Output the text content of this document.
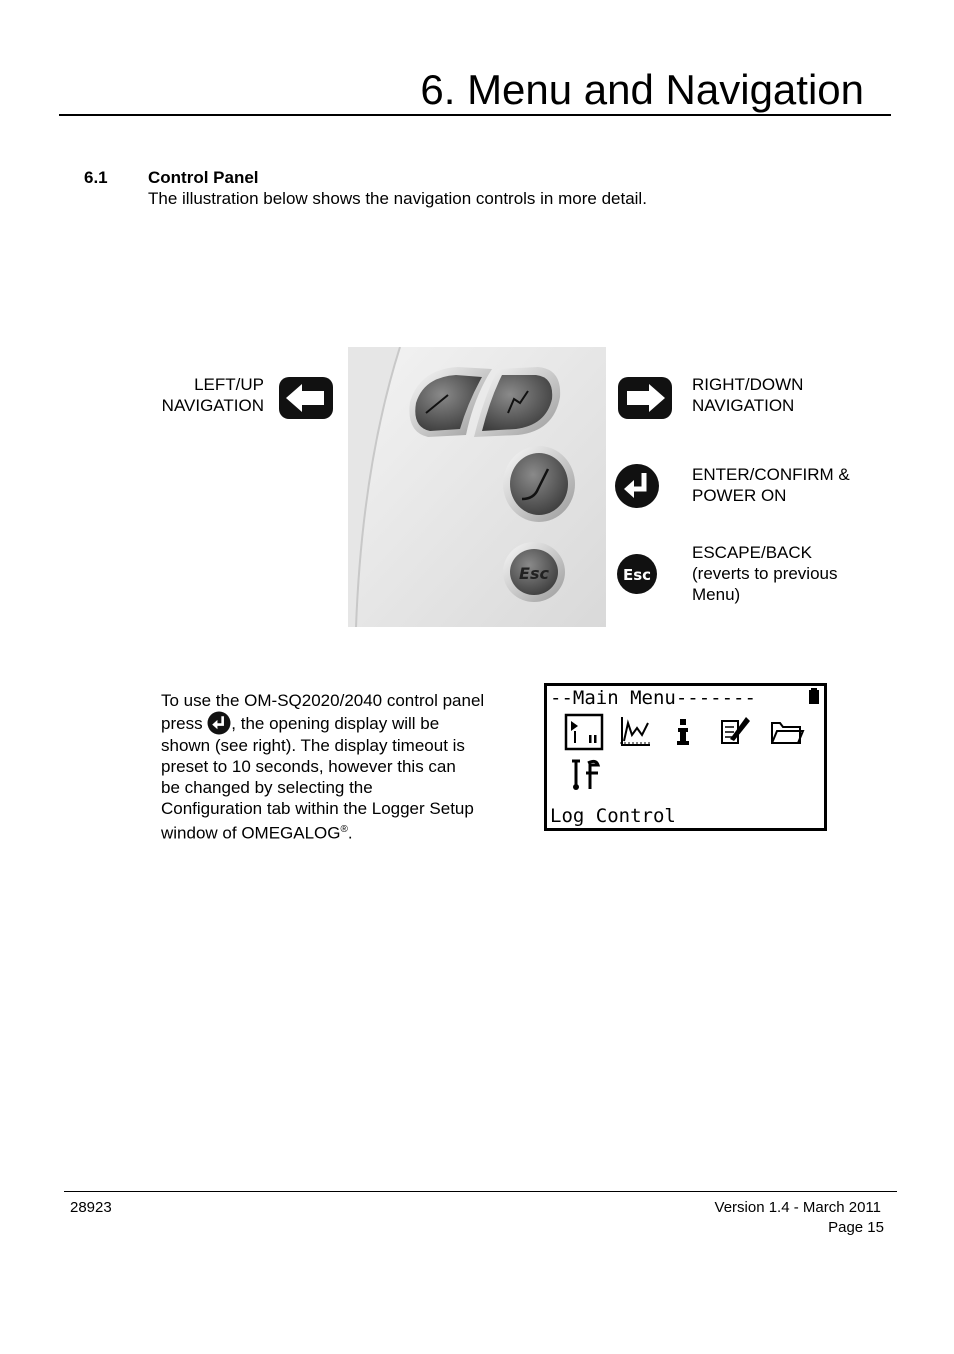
6. Menu and Navigation
6.1 Control Panel
The illustration below shows the navigation controls in more detail.
LEFT/UP
NAVIGATION
Esc
RIGHT/DOWN
NAVIGATION
ENTER/CONFIRM &
POWER ON
Esc
ESCAPE/BACK
(reverts to previous
Menu)
To use the OM-SQ2020/2040 control panel
press , the opening display will be
shown (see right). The display timeout is
preset to 10 seconds, however this can
be changed by selecting the
Configuration tab within the Logger Setup
window of OMEGALOG®.
--Main Menu-------
Log Control
28923	Version 1.4 - March 2011
Page 15
